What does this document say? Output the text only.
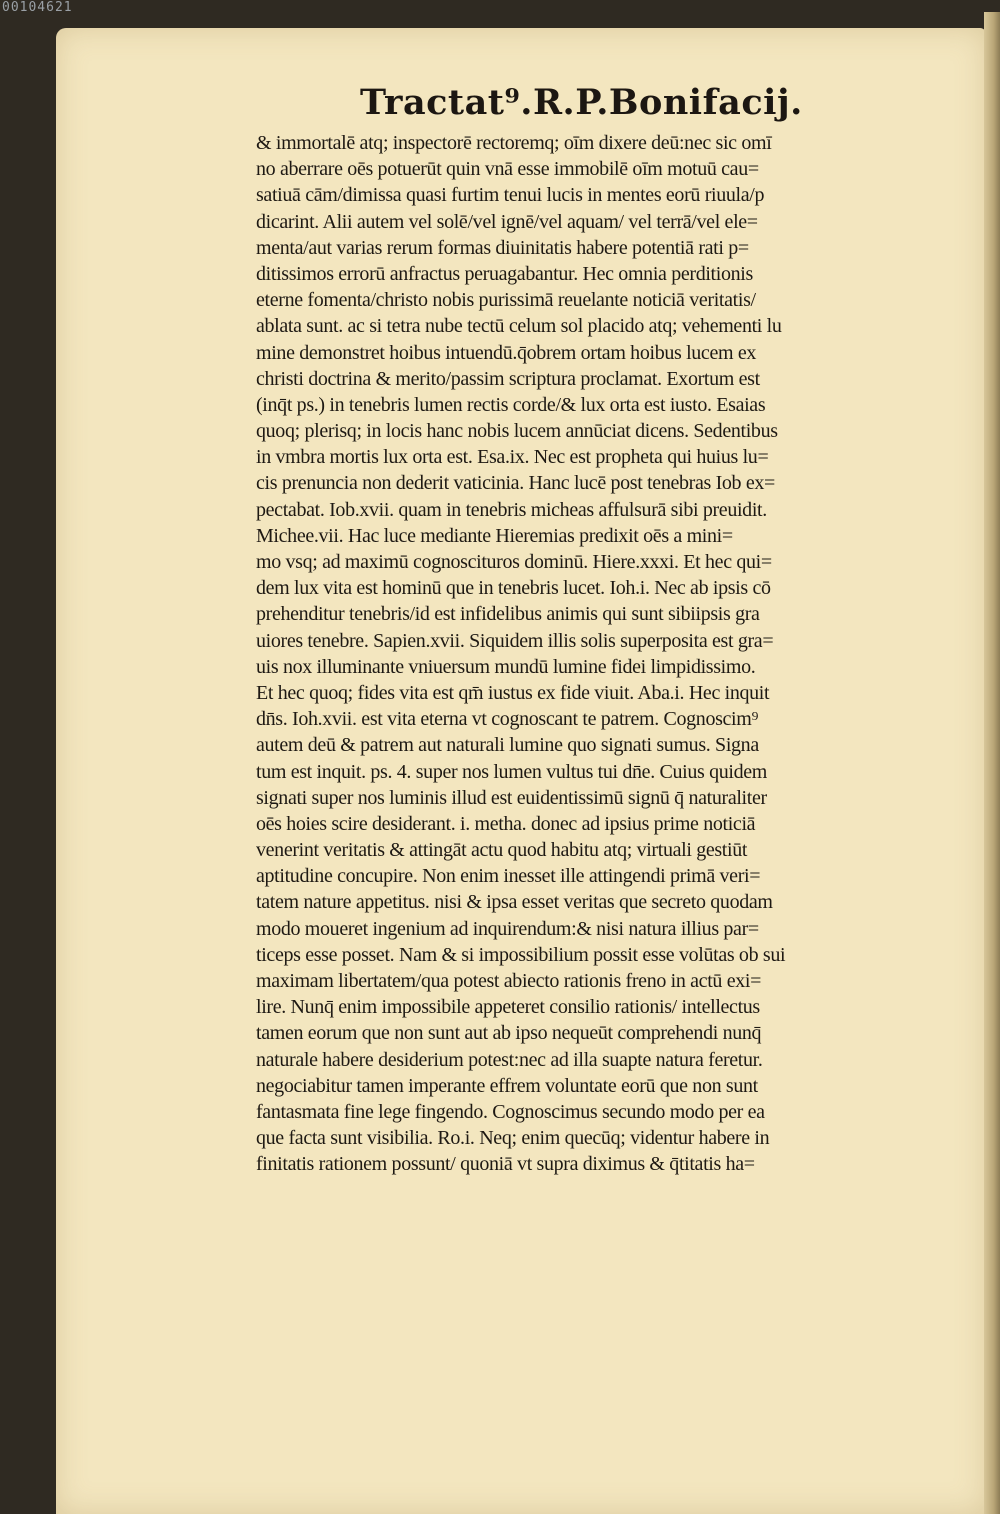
00104621
Tractat⁹.R.P.Bonifacij.
& immortalē atq; inspectorē rectoremq; oīm dixere deū:nec sic omī
no aberrare oēs potuerūt quin vnā esse immobilē oīm motuū cau=
satiuā cām/dimissa quasi furtim tenui lucis in mentes eorū riuula/p
dicarint. Alii autem vel solē/vel ignē/vel aquam/ vel terrā/vel ele=
menta/aut varias rerum formas diuinitatis habere potentiā rati p=
ditissimos errorū anfractus peruagabantur. Hec omnia perditionis
eterne fomenta/christo nobis purissimā reuelante noticiā veritatis/
ablata sunt. ac si tetra nube tectū celum sol placido atq; vehementi lu
mine demonstret hoibus intuendū.q̄obrem ortam hoibus lucem ex
christi doctrina & merito/passim scriptura proclamat. Exortum est
(inq̄t ps.) in tenebris lumen rectis corde/& lux orta est iusto. Esaias
quoq; plerisq; in locis hanc nobis lucem annūciat dicens. Sedentibus
in vmbra mortis lux orta est. Esa.ix. Nec est propheta qui huius lu=
cis prenuncia non dederit vaticinia. Hanc lucē post tenebras Iob ex=
pectabat. Iob.xvii. quam in tenebris micheas affulsurā sibi preuidit.
Michee.vii. Hac luce mediante Hieremias predixit oēs a mini=
mo vsq; ad maximū cognoscituros dominū. Hiere.xxxi. Et hec qui=
dem lux vita est hominū que in tenebris lucet. Ioh.i. Nec ab ipsis cō
prehenditur tenebris/id est infidelibus animis qui sunt sibiipsis gra
uiores tenebre. Sapien.xvii. Siquidem illis solis superposita est gra=
uis nox illuminante vniuersum mundū lumine fidei limpidissimo.
Et hec quoq; fides vita est qm̄ iustus ex fide viuit. Aba.i. Hec inquit
dn̄s. Ioh.xvii. est vita eterna vt cognoscant te patrem. Cognoscim⁹
autem deū & patrem aut naturali lumine quo signati sumus. Signa
tum est inquit. ps. 4. super nos lumen vultus tui dn̄e. Cuius quidem
signati super nos luminis illud est euidentissimū signū q̄ naturaliter
oēs hoies scire desiderant. i. metha. donec ad ipsius prime noticiā
venerint veritatis & attingāt actu quod habitu atq; virtuali gestiūt
aptitudine concupire. Non enim inesset ille attingendi primā veri=
tatem nature appetitus. nisi & ipsa esset veritas que secreto quodam
modo moueret ingenium ad inquirendum:& nisi natura illius par=
ticeps esse posset. Nam & si impossibilium possit esse volūtas ob sui
maximam libertatem/qua potest abiecto rationis freno in actū exi=
lire. Nunq̄ enim impossibile appeteret consilio rationis/ intellectus
tamen eorum que non sunt aut ab ipso nequeūt comprehendi nunq̄
naturale habere desiderium potest:nec ad illa suapte natura feretur.
negociabitur tamen imperante effrem voluntate eorū que non sunt
fantasmata fine lege fingendo. Cognoscimus secundo modo per ea
que facta sunt visibilia. Ro.i. Neq; enim quecūq; videntur habere in
finitatis rationem possunt/ quoniā vt supra diximus & q̄titatis ha=
